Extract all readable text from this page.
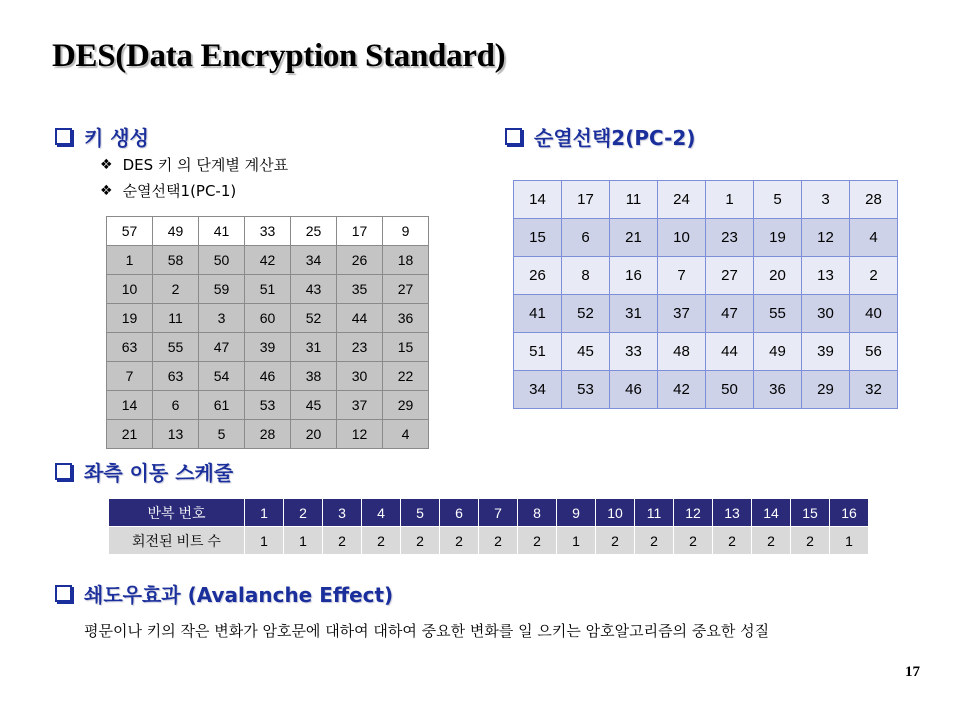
DES(Data Encryption Standard)
키 생성
❖ DES 키 의 단계별 계산표
❖ 순열선택1(PC-1)
57	49	41	33	25	17	9
1	58	50	42	34	26	18
10	2	59	51	43	35	27
19	11	3	60	52	44	36
63	55	47	39	31	23	15
7	63	54	46	38	30	22
14	6	61	53	45	37	29
21	13	5	28	20	12	4
순열선택2(PC-2)
14	17	11	24	1	5	3	28
15	6	21	10	23	19	12	4
26	8	16	7	27	20	13	2
41	52	31	37	47	55	30	40
51	45	33	48	44	49	39	56
34	53	46	42	50	36	29	32
좌측 이동 스케줄
반복 번호	1	2	3	4	5	6	7	8	9	10	11	12	13	14	15	16
회전된 비트 수	1	1	2	2	2	2	2	2	1	2	2	2	2	2	2	1
쇄도우효과 (Avalanche Effect)
평문이나 키의 작은 변화가 암호문에 대하여 대하여 중요한 변화를 일 으키는 암호알고리즘의 중요한 성질
17
